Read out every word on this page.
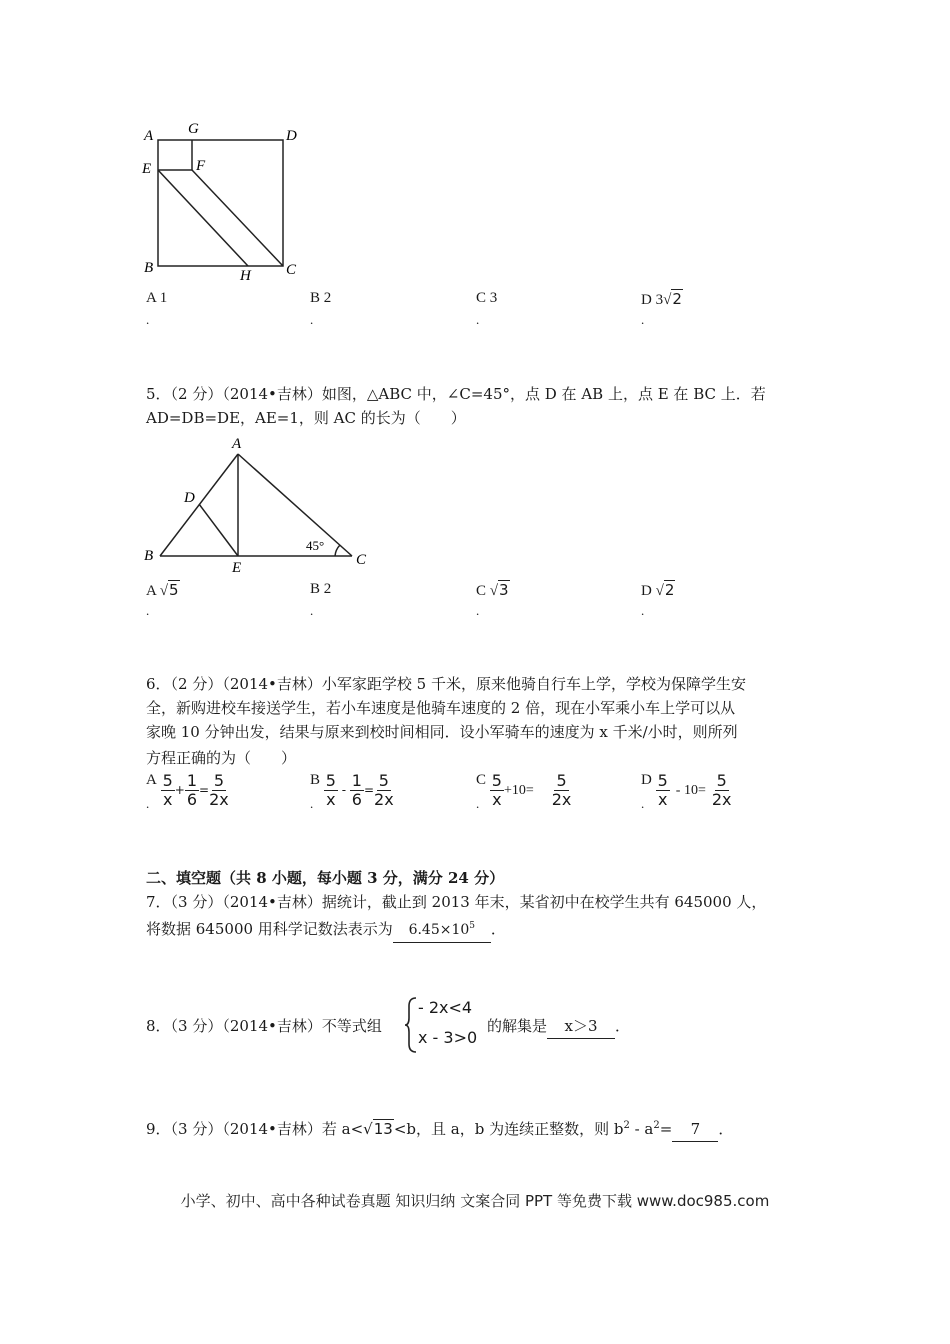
A G	D
E	F
B	H C
A 1
.
B 2
.
C 3
.
D 3√2
.
5．（2 分）（2014•吉林）如图，△ABC 中，∠C=45°，点 D 在 AB 上，点 E 在 BC 上．若
AD=DB=DE，AE=1，则 AC 的长为（　　）
A
D
B
E	C
45°
A √5
.
B 2
.
C √3
.
D √2
.
6．（2 分）（2014•吉林）小军家距学校 5 千米，原来他骑自行车上学，学校为保障学生安
全，新购进校车接送学生，若小车速度是他骑车速度的 2 倍，现在小军乘小车上学可以从
家晚 10 分钟出发，结果与原来到校时间相同．设小军骑车的速度为 x 千米/小时，则所列
方程正确的为（　　）
A $\frac{5}{x} + \frac{1}{6} = \frac{5}{2x}$
.
B $\frac{5}{x} - \frac{1}{6} = \frac{5}{2x}$
.
C $\frac{5}{x} +10= \frac{5}{2x}$
.
D $\frac{5}{x} - 10= \frac{5}{2x}$
.
二、填空题（共 8 小题，每小题 3 分，满分 24 分）
7．（3 分）（2014•吉林）据统计，截止到 2013 年末，某省初中在校学生共有 645000 人，
将数据 645000 用科学记数法表示为 $6.45\times 10^5$ ．
8．（3 分）（2014•吉林）不等式组
- 2x<4
x - 3>0
的解集是 x＞3 ．
9．（3 分）（2014•吉林）若 a<√13<b，且 a，b 为连续正整数，则 $b^2 - a^2= 7$ ．
小学、初中、高中各种试卷真题 知识归纳 文案合同 PPT 等免费下载 www.doc985.com
